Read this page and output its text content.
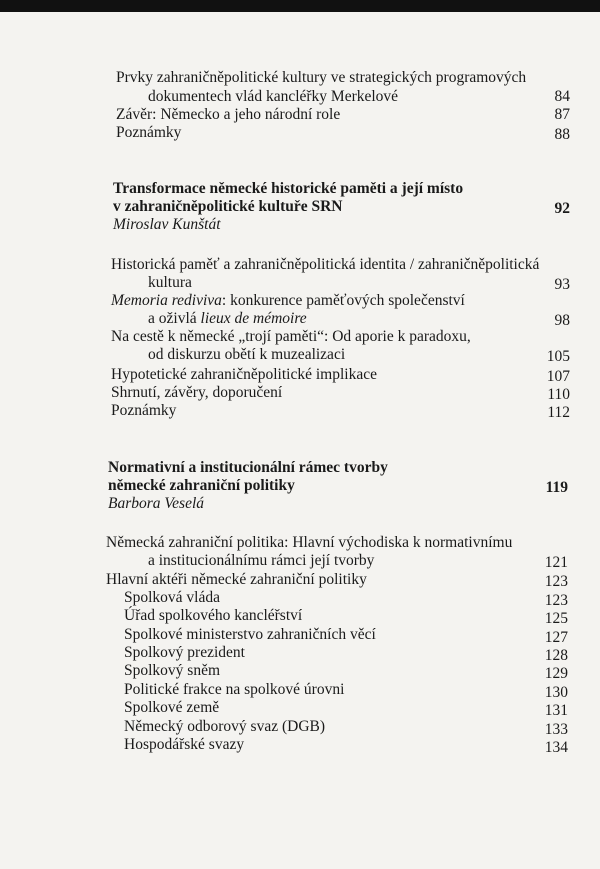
Prvky zahraničněpolitické kultury ve strategických programových
dokumentech vlád kancléřky Merkelové	84
Závěr: Německo a jeho národní role	87
Poznámky	88
Transformace německé historické paměti a její místo
v zahraničněpolitické kultuře SRN	92
Miroslav Kunštát
Historická paměť a zahraničněpolitická identita / zahraničněpolitická
kultura	93
Memoria rediviva: konkurence paměťových společenství
a oživlá lieux de mémoire	98
Na cestě k německé „trojí paměti“: Od aporie k paradoxu,
od diskurzu obětí k muzealizaci	105
Hypotetické zahraničněpolitické implikace	107
Shrnutí, závěry, doporučení	110
Poznámky	112
Normativní a institucionální rámec tvorby
německé zahraniční politiky	119
Barbora Veselá
Německá zahraniční politika: Hlavní východiska k normativnímu
a institucionálnímu rámci její tvorby	121
Hlavní aktéři německé zahraniční politiky	123
Spolková vláda	123
Úřad spolkového kancléřství	125
Spolkové ministerstvo zahraničních věcí	127
Spolkový prezident	128
Spolkový sněm	129
Politické frakce na spolkové úrovni	130
Spolkové země	131
Německý odborový svaz (DGB)	133
Hospodářské svazy	134
